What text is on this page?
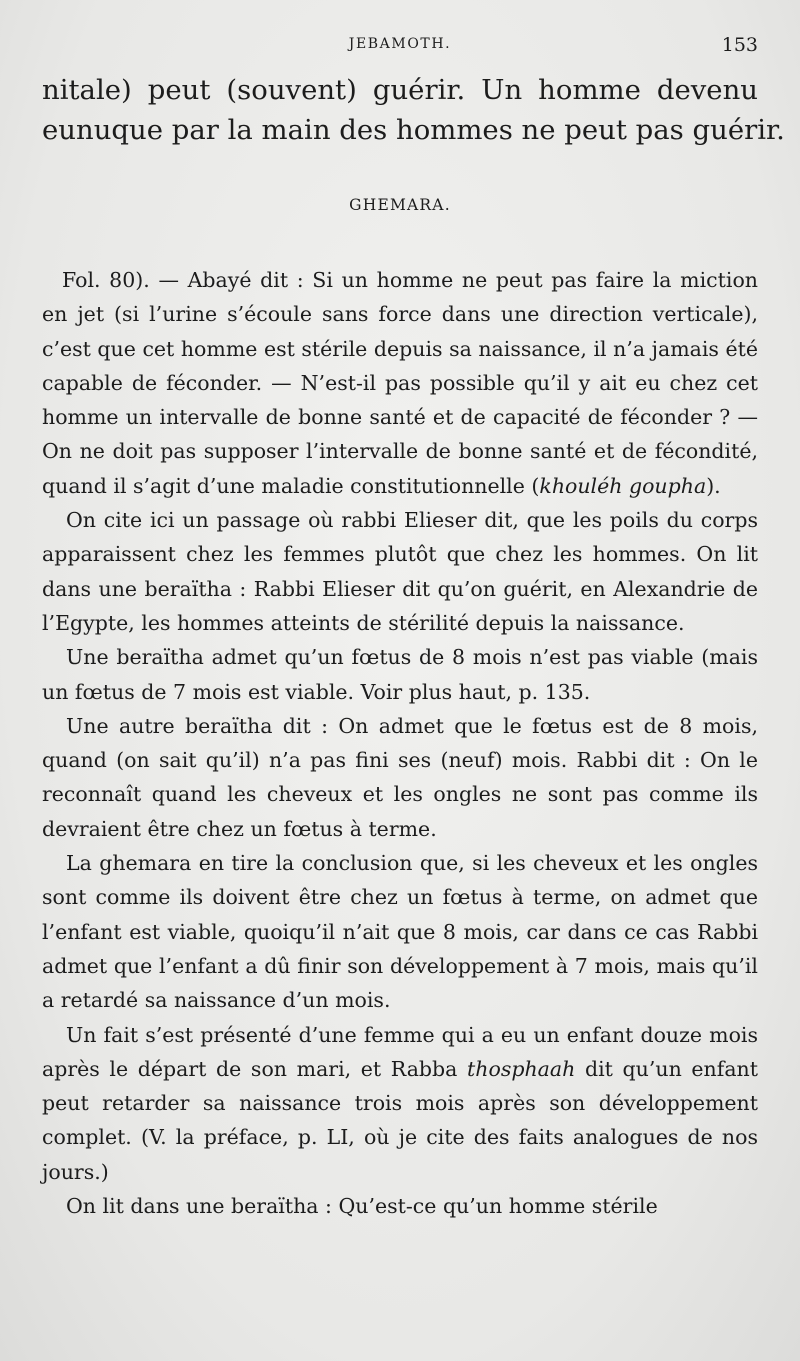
JEBAMOTH.	153
nitale) peut (souvent) guérir. Un homme devenu
eunuque par la main des hommes ne peut pas guérir.
GHEMARA.

Fol. 80). — Abayé dit : Si un homme ne peut pas faire la miction en jet (si l’urine s’écoule sans force dans une direction verticale), c’est que cet homme est stérile depuis sa naissance, il n’a jamais été capable de féconder. — N’est-il pas possible qu’il y ait eu chez cet homme un intervalle de bonne santé et de capacité de féconder ? — On ne doit pas supposer l’intervalle de bonne santé et de fécondité, quand il s’agit d’une maladie constitutionnelle (khouléh goupha).

On cite ici un passage où rabbi Elieser dit, que les poils du corps apparaissent chez les femmes plutôt que chez les hommes. On lit dans une beraïtha : Rabbi Elieser dit qu’on guérit, en Alexandrie de l’Egypte, les hommes atteints de stérilité depuis la naissance.

Une beraïtha admet qu’un fœtus de 8 mois n’est pas viable (mais un fœtus de 7 mois est viable. Voir plus haut, p. 135.

Une autre beraïtha dit : On admet que le fœtus est de 8 mois, quand (on sait qu’il) n’a pas fini ses (neuf) mois. Rabbi dit : On le reconnaît quand les cheveux et les ongles ne sont pas comme ils devraient être chez un fœtus à terme.

La ghemara en tire la conclusion que, si les cheveux et les ongles sont comme ils doivent être chez un fœtus à terme, on admet que l’enfant est viable, quoiqu’il n’ait que 8 mois, car dans ce cas Rabbi admet que l’enfant a dû finir son développement à 7 mois, mais qu’il a retardé sa naissance d’un mois.

Un fait s’est présenté d’une femme qui a eu un enfant douze mois après le départ de son mari, et Rabba thosphaah dit qu’un enfant peut retarder sa naissance trois mois après son développement complet. (V. la préface, p. LI, où je cite des faits analogues de nos jours.)

On lit dans une beraïtha : Qu’est-ce qu’un homme stérile
